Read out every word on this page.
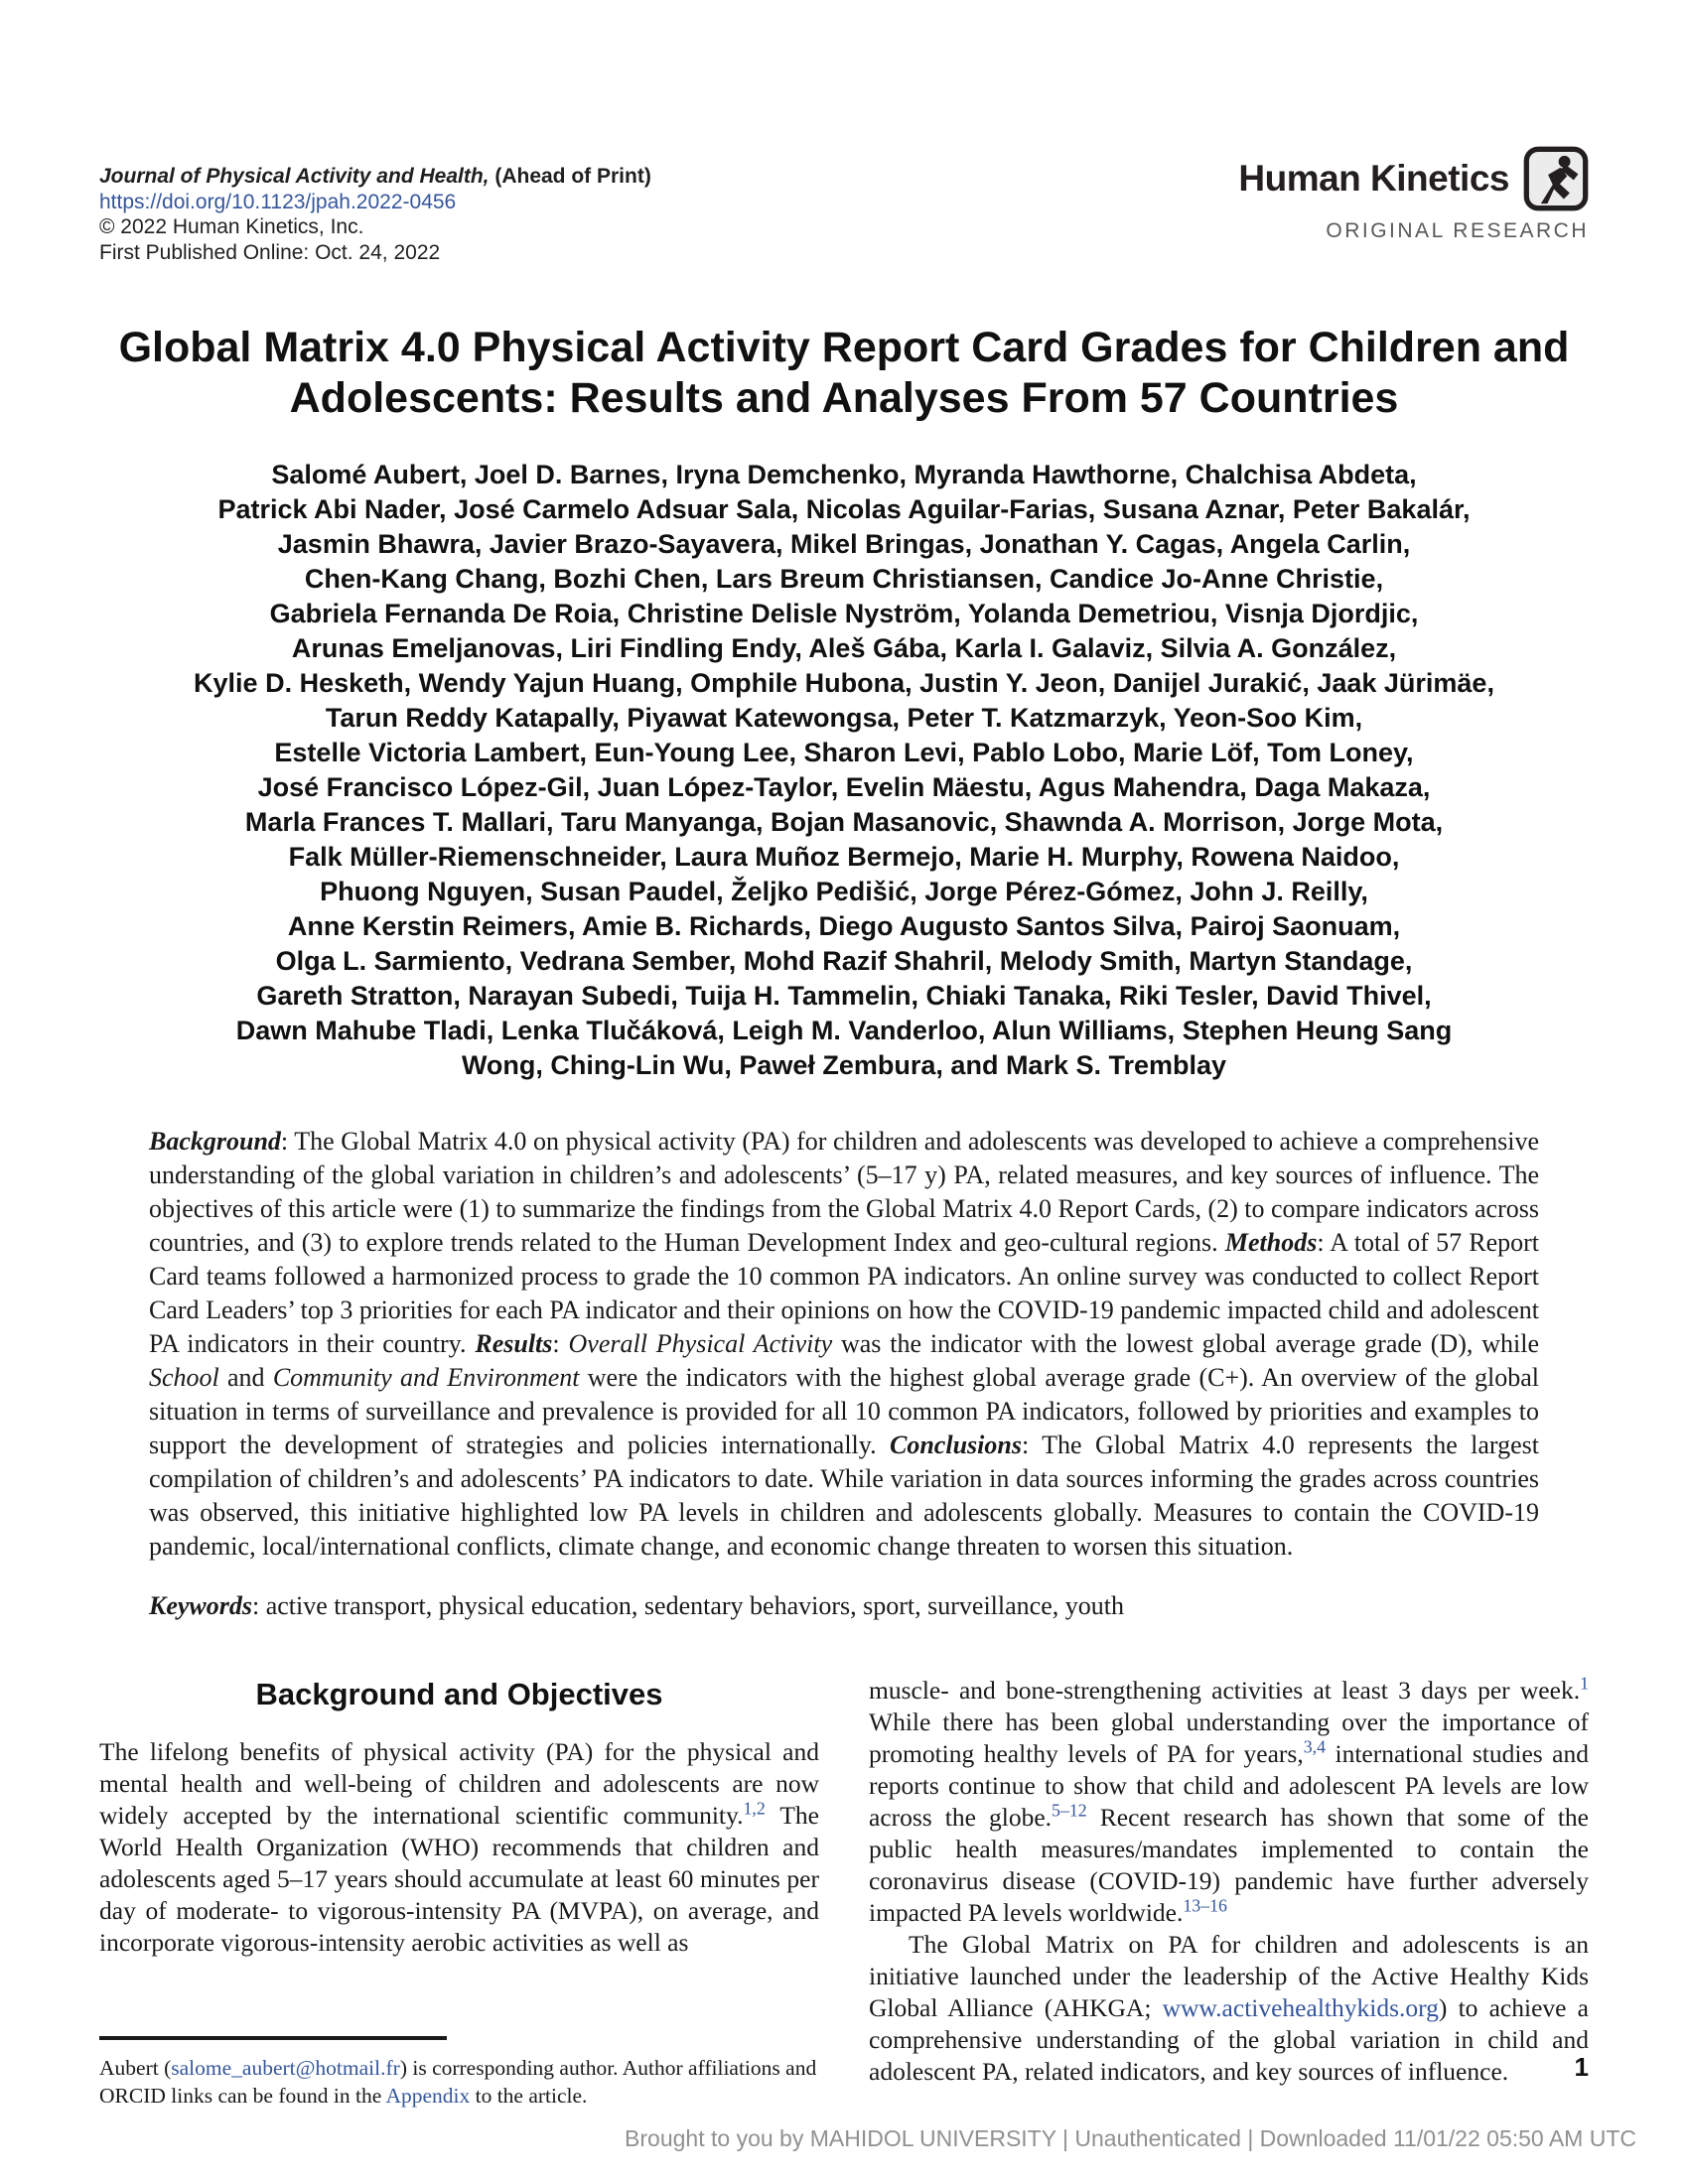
Journal of Physical Activity and Health, (Ahead of Print)
https://doi.org/10.1123/jpah.2022-0456
© 2022 Human Kinetics, Inc.
First Published Online: Oct. 24, 2022
Human Kinetics
ORIGINAL RESEARCH
Global Matrix 4.0 Physical Activity Report Card Grades for Children and Adolescents: Results and Analyses From 57 Countries
Salomé Aubert, Joel D. Barnes, Iryna Demchenko, Myranda Hawthorne, Chalchisa Abdeta,
Patrick Abi Nader, José Carmelo Adsuar Sala, Nicolas Aguilar-Farias, Susana Aznar, Peter Bakalár,
Jasmin Bhawra, Javier Brazo-Sayavera, Mikel Bringas, Jonathan Y. Cagas, Angela Carlin,
Chen-Kang Chang, Bozhi Chen, Lars Breum Christiansen, Candice Jo-Anne Christie,
Gabriela Fernanda De Roia, Christine Delisle Nyström, Yolanda Demetriou, Visnja Djordjic,
Arunas Emeljanovas, Liri Findling Endy, Aleš Gába, Karla I. Galaviz, Silvia A. González,
Kylie D. Hesketh, Wendy Yajun Huang, Omphile Hubona, Justin Y. Jeon, Danijel Jurakić, Jaak Jürimäe,
Tarun Reddy Katapally, Piyawat Katewongsa, Peter T. Katzmarzyk, Yeon-Soo Kim,
Estelle Victoria Lambert, Eun-Young Lee, Sharon Levi, Pablo Lobo, Marie Löf, Tom Loney,
José Francisco López-Gil, Juan López-Taylor, Evelin Mäestu, Agus Mahendra, Daga Makaza,
Marla Frances T. Mallari, Taru Manyanga, Bojan Masanovic, Shawnda A. Morrison, Jorge Mota,
Falk Müller-Riemenschneider, Laura Muñoz Bermejo, Marie H. Murphy, Rowena Naidoo,
Phuong Nguyen, Susan Paudel, Željko Pedišić, Jorge Pérez-Gómez, John J. Reilly,
Anne Kerstin Reimers, Amie B. Richards, Diego Augusto Santos Silva, Pairoj Saonuam,
Olga L. Sarmiento, Vedrana Sember, Mohd Razif Shahril, Melody Smith, Martyn Standage,
Gareth Stratton, Narayan Subedi, Tuija H. Tammelin, Chiaki Tanaka, Riki Tesler, David Thivel,
Dawn Mahube Tladi, Lenka Tlučáková, Leigh M. Vanderloo, Alun Williams, Stephen Heung Sang
Wong, Ching-Lin Wu, Paweł Zembura, and Mark S. Tremblay

Background: The Global Matrix 4.0 on physical activity (PA) for children and adolescents was developed to achieve a comprehensive understanding of the global variation in children’s and adolescents’ (5–17 y) PA, related measures, and key sources of influence. The objectives of this article were (1) to summarize the findings from the Global Matrix 4.0 Report Cards, (2) to compare indicators across countries, and (3) to explore trends related to the Human Development Index and geo-cultural regions. Methods: A total of 57 Report Card teams followed a harmonized process to grade the 10 common PA indicators. An online survey was conducted to collect Report Card Leaders’ top 3 priorities for each PA indicator and their opinions on how the COVID-19 pandemic impacted child and adolescent PA indicators in their country. Results: Overall Physical Activity was the indicator with the lowest global average grade (D), while School and Community and Environment were the indicators with the highest global average grade (C+). An overview of the global situation in terms of surveillance and prevalence is provided for all 10 common PA indicators, followed by priorities and examples to support the development of strategies and policies internationally. Conclusions: The Global Matrix 4.0 represents the largest compilation of children’s and adolescents’ PA indicators to date. While variation in data sources informing the grades across countries was observed, this initiative highlighted low PA levels in children and adolescents globally. Measures to contain the COVID-19 pandemic, local/international conflicts, climate change, and economic change threaten to worsen this situation.

Keywords: active transport, physical education, sedentary behaviors, sport, surveillance, youth

Background and Objectives

The lifelong benefits of physical activity (PA) for the physical and mental health and well-being of children and adolescents are now widely accepted by the international scientific community.$^{1,2}$ The World Health Organization (WHO) recommends that children and adolescents aged 5–17 years should accumulate at least 60 minutes per day of moderate- to vigorous-intensity PA (MVPA), on average, and incorporate vigorous-intensity aerobic activities as well as

Aubert (salome_aubert@hotmail.fr) is corresponding author. Author affiliations and ORCID links can be found in the Appendix to the article.

muscle- and bone-strengthening activities at least 3 days per week.$^1$ While there has been global understanding over the importance of promoting healthy levels of PA for years,$^{3,4}$ international studies and reports continue to show that child and adolescent PA levels are low across the globe.$^{5-12}$ Recent research has shown that some of the public health measures/mandates implemented to contain the coronavirus disease (COVID-19) pandemic have further adversely impacted PA levels worldwide.$^{13-16}$

The Global Matrix on PA for children and adolescents is an initiative launched under the leadership of the Active Healthy Kids Global Alliance (AHKGA; www.activehealthykids.org) to achieve a comprehensive understanding of the global variation in child and adolescent PA, related indicators, and key sources of influence.	1
Brought to you by MAHIDOL UNIVERSITY | Unauthenticated | Downloaded 11/01/22 05:50 AM UTC
